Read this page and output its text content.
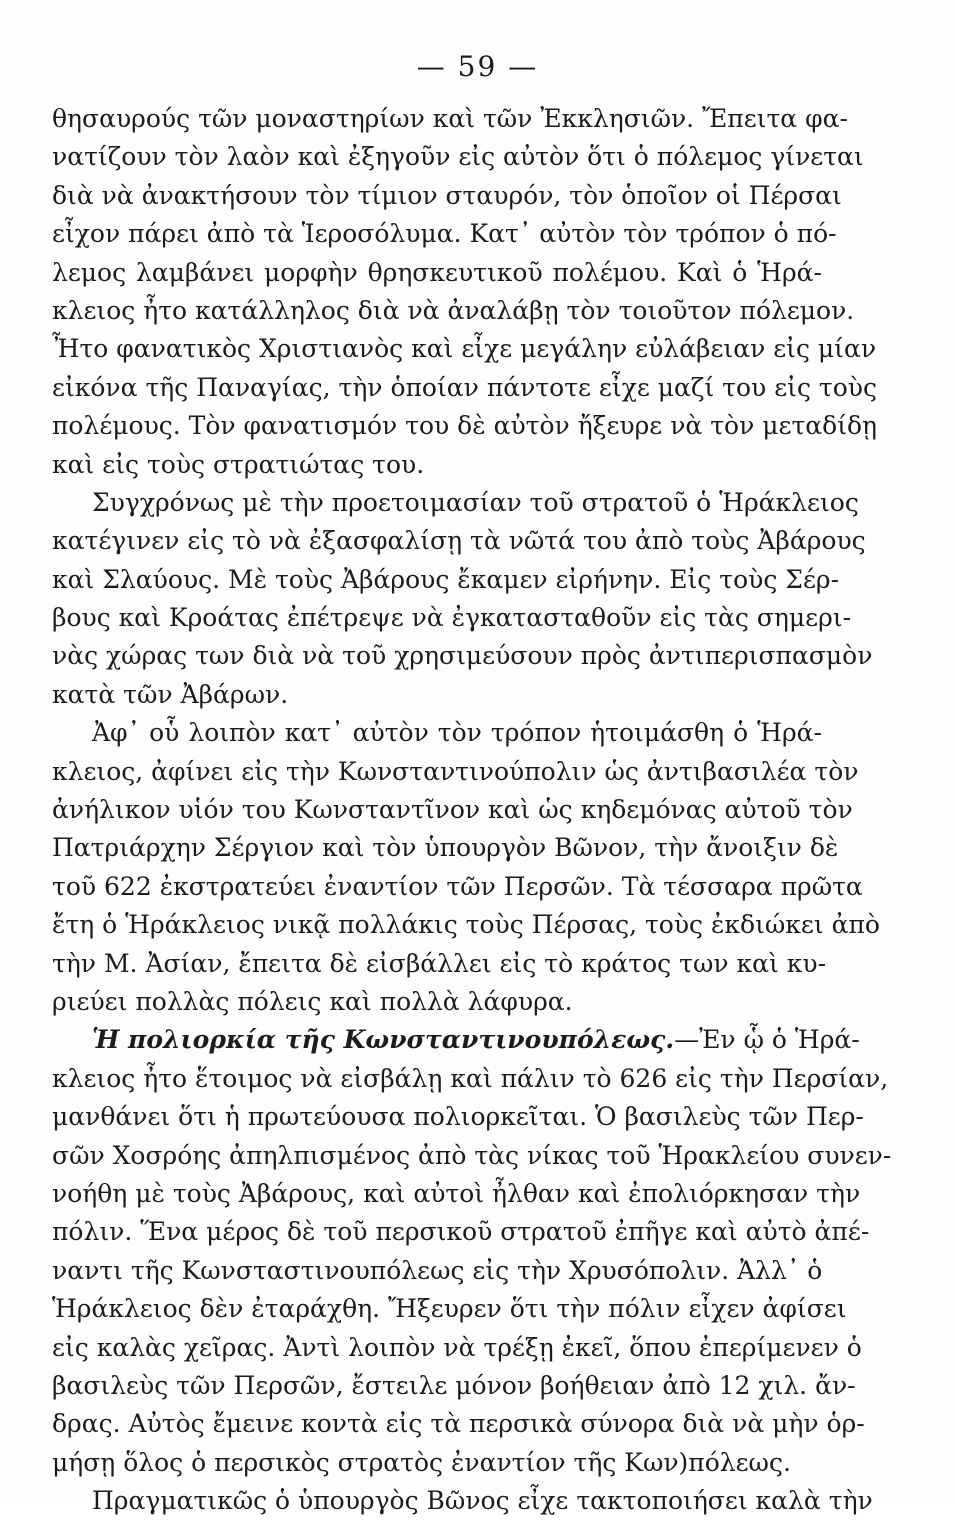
— 59 —
θησαυρούς τῶν μοναστηρίων καὶ τῶν Ἐκκλησιῶν. Ἔπειτα φα-
νατίζουν τὸν λαὸν καὶ ἐξηγοῦν εἰς αὐτὸν ὅτι ὁ πόλεμος γίνεται
διὰ νὰ ἀνακτήσουν τὸν τίμιον σταυρόν, τὸν ὁποῖον οἱ Πέρσαι
εἶχον πάρει ἀπὸ τὰ Ἱεροσόλυμα. Κατ᾽ αὐτὸν τὸν τρόπον ὁ πό-
λεμος λαμβάνει μορφὴν θρησκευτικοῦ πολέμου. Καὶ ὁ Ἡρά-
κλειος ἦτο κατάλληλος διὰ νὰ ἀναλάβῃ τὸν τοιοῦτον πόλεμον.
Ἦτο φανατικὸς Χριστιανὸς καὶ εἶχε μεγάλην εὐλάβειαν εἰς μίαν
εἰκόνα τῆς Παναγίας, τὴν ὁποίαν πάντοτε εἶχε μαζί του εἰς τοὺς
πολέμους. Τὸν φανατισμόν του δὲ αὐτὸν ἤξευρε νὰ τὸν μεταδίδῃ
καὶ εἰς τοὺς στρατιώτας του.
Συγχρόνως μὲ τὴν προετοιμασίαν τοῦ στρατοῦ ὁ Ἡράκλειος
κατέγινεν εἰς τὸ νὰ ἐξασφαλίσῃ τὰ νῶτά του ἀπὸ τοὺς Ἀβάρους
καὶ Σλαύους. Μὲ τοὺς Ἀβάρους ἔκαμεν εἰρήνην. Εἰς τοὺς Σέρ-
βους καὶ Κροάτας ἐπέτρεψε νὰ ἐγκατασταθοῦν εἰς τὰς σημερι-
νὰς χώρας των διὰ νὰ τοῦ χρησιμεύσουν πρὸς ἀντιπερισπασμὸν
κατὰ τῶν Ἀβάρων.
Ἀφ᾽ οὗ λοιπὸν κατ᾽ αὐτὸν τὸν τρόπον ἡτοιμάσθη ὁ Ἡρά-
κλειος, ἀφίνει εἰς τὴν Κωνσταντινούπολιν ὡς ἀντιβασιλέα τὸν
ἀνήλικον υἱόν του Κωνσταντῖνον καὶ ὡς κηδεμόνας αὐτοῦ τὸν
Πατριάρχην Σέργιον καὶ τὸν ὑπουργὸν Βῶνον, τὴν ἄνοιξιν δὲ
τοῦ 622 ἐκστρατεύει ἐναντίον τῶν Περσῶν. Τὰ τέσσαρα πρῶτα
ἔτη ὁ Ἡράκλειος νικᾷ πολλάκις τοὺς Πέρσας, τοὺς ἐκδιώκει ἀπὸ
τὴν Μ. Ἀσίαν, ἔπειτα δὲ εἰσβάλλει εἰς τὸ κράτος των καὶ κυ-
ριεύει πολλὰς πόλεις καὶ πολλὰ λάφυρα.
Ἡ πολιορκία τῆς Κωνσταντινουπόλεως.—Ἐν ᾧ ὁ Ἡρά-
κλειος ἦτο ἕτοιμος νὰ εἰσβάλῃ καὶ πάλιν τὸ 626 εἰς τὴν Περσίαν,
μανθάνει ὅτι ἡ πρωτεύουσα πολιορκεῖται. Ὁ βασιλεὺς τῶν Περ-
σῶν Χοσρόης ἀπηλπισμένος ἀπὸ τὰς νίκας τοῦ Ἡρακλείου συνεν-
νοήθη μὲ τοὺς Ἀβάρους, καὶ αὐτοὶ ἦλθαν καὶ ἐπολιόρκησαν τὴν
πόλιν. Ἕνα μέρος δὲ τοῦ περσικοῦ στρατοῦ ἐπῆγε καὶ αὐτὸ ἀπέ-
ναντι τῆς Κωνσταστινουπόλεως εἰς τὴν Χρυσόπολιν. Ἀλλ᾽ ὁ
Ἡράκλειος δὲν ἐταράχθη. Ἤξευρεν ὅτι τὴν πόλιν εἶχεν ἀφίσει
εἰς καλὰς χεῖρας. Ἀντὶ λοιπὸν νὰ τρέξῃ ἐκεῖ, ὅπου ἐπερίμενεν ὁ
βασιλεὺς τῶν Περσῶν, ἔστειλε μόνον βοήθειαν ἀπὸ 12 χιλ. ἄν-
δρας. Αὐτὸς ἔμεινε κοντὰ εἰς τὰ περσικὰ σύνορα διὰ νὰ μὴν ὁρ-
μήσῃ ὅλος ὁ περσικὸς στρατὸς ἐναντίον τῆς Κων)πόλεως.
Πραγματικῶς ὁ ὑπουργὸς Βῶνος εἶχε τακτοποιήσει καλὰ τὴν
